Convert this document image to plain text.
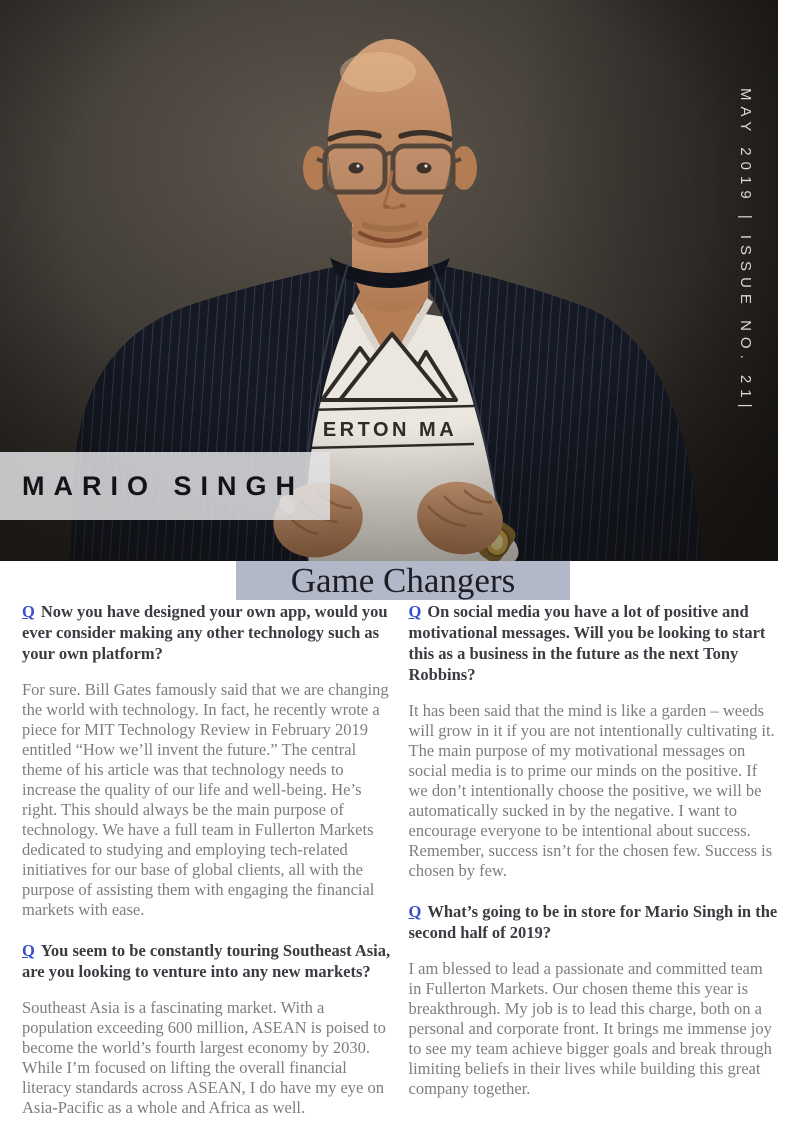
MAY 2019 | ISSUE NO. 21|
MARIO SINGH
Game Changers

Q Now you have designed your own app, would you ever consider making any other technology such as your own platform?

For sure. Bill Gates famously said that we are changing the world with technology. In fact, he recently wrote a piece for MIT Technology Review in February 2019 entitled “How we’ll invent the future.” The central theme of his article was that technology needs to increase the quality of our life and well-being. He’s right. This should always be the main purpose of technology. We have a full team in Fullerton Markets dedicated to studying and employing tech-related initiatives for our base of global clients, all with the purpose of assisting them with engaging the financial markets with ease.

Q You seem to be constantly touring Southeast Asia, are you looking to venture into any new markets?

Southeast Asia is a fascinating market. With a population exceeding 600 million, ASEAN is poised to become the world’s fourth largest economy by 2030. While I’m focused on lifting the overall financial literacy standards across ASEAN, I do have my eye on Asia-Pacific as a whole and Africa as well.

Q On social media you have a lot of positive and motivational messages. Will you be looking to start this as a business in the future as the next Tony Robbins?

It has been said that the mind is like a garden – weeds will grow in it if you are not intentionally cultivating it. The main purpose of my motivational messages on social media is to prime our minds on the positive. If we don’t intentionally choose the positive, we will be automatically sucked in by the negative. I want to encourage everyone to be intentional about success. Remember, success isn’t for the chosen few. Success is chosen by few.

Q What’s going to be in store for Mario Singh in the second half of 2019?

I am blessed to lead a passionate and committed team in Fullerton Markets. Our chosen theme this year is breakthrough. My job is to lead this charge, both on a personal and corporate front. It brings me immense joy to see my team achieve bigger goals and break through limiting beliefs in their lives while building this great company together.
